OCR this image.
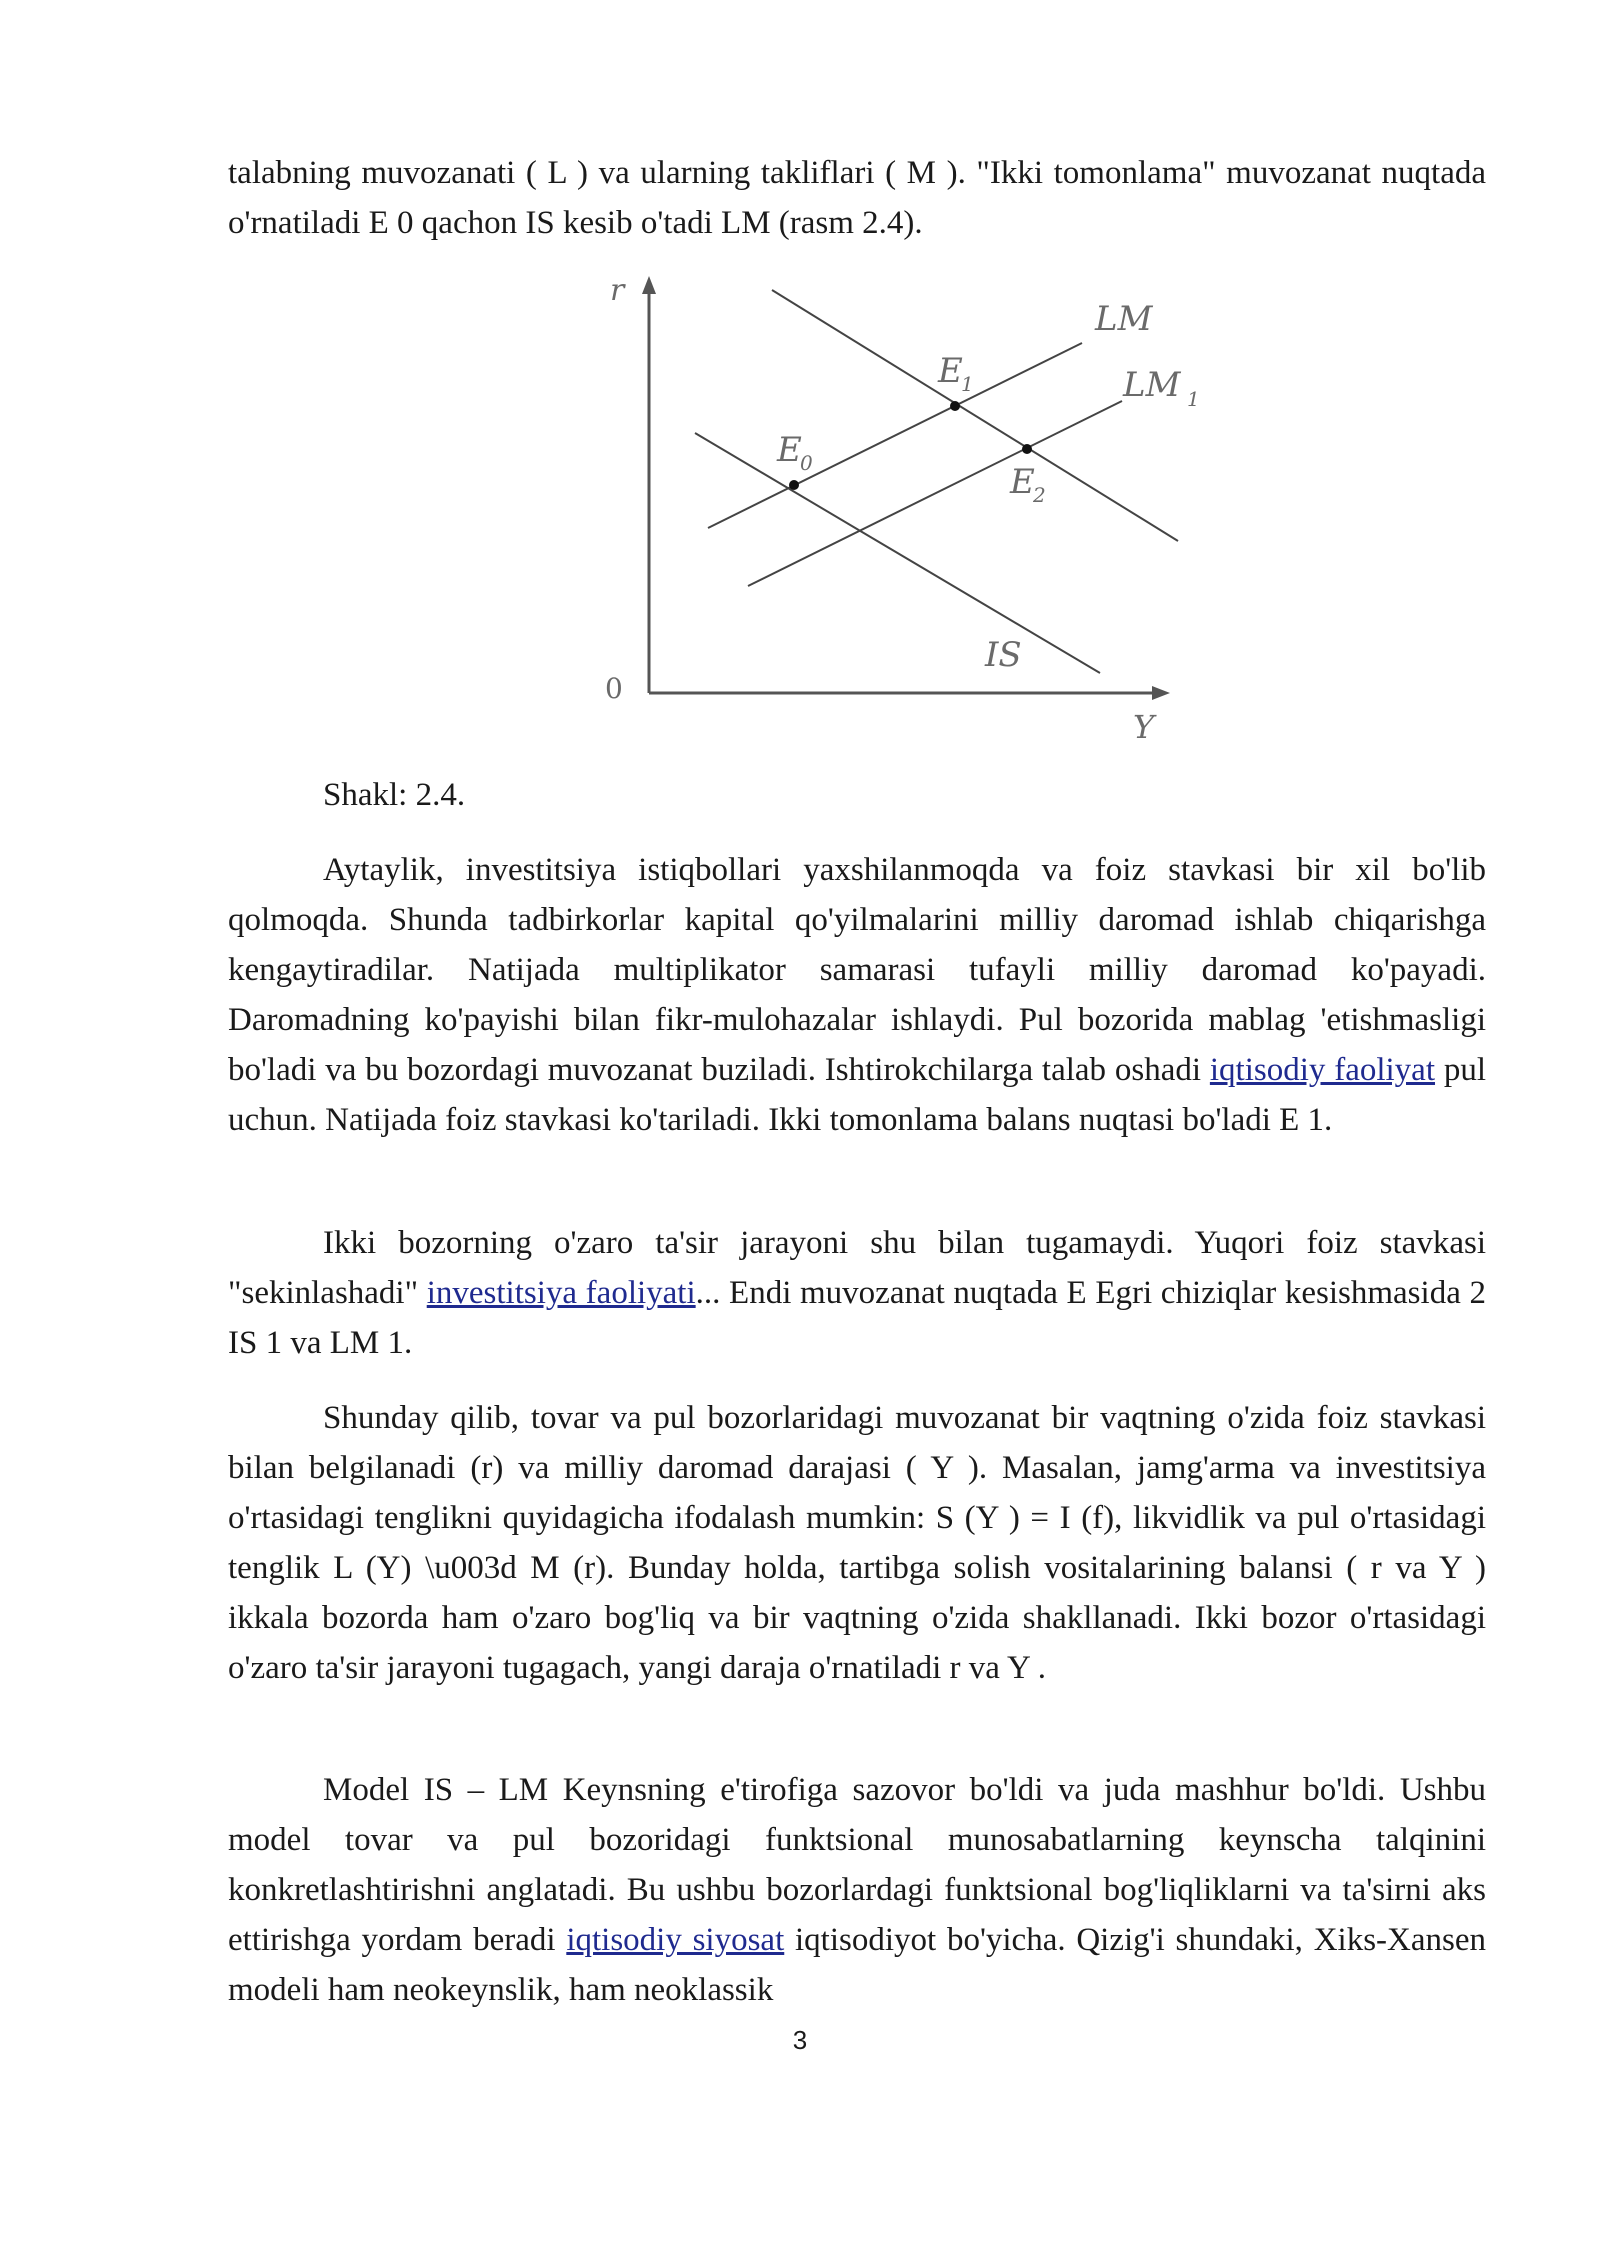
talabning muvozanati ( L ) va ularning takliflari ( M ). "Ikki tomonlama" muvozanat nuqtada o'rnatiladi E 0 qachon IS kesib o'tadi LM (rasm 2.4).

r
0
Y
LM
LM 1
IS
E
0
E
1
E
2
Shakl: 2.4.

Aytaylik, investitsiya istiqbollari yaxshilanmoqda va foiz stavkasi bir xil bo'lib qolmoqda. Shunda tadbirkorlar kapital qo'yilmalarini milliy daromad ishlab chiqarishga kengaytiradilar. Natijada multiplikator samarasi tufayli milliy daromad ko'payadi. Daromadning ko'payishi bilan fikr-mulohazalar ishlaydi. Pul bozorida mablag 'etishmasligi bo'ladi va bu bozordagi muvozanat buziladi. Ishtirokchilarga talab oshadi iqtisodiy faoliyat pul uchun. Natijada foiz stavkasi ko'tariladi. Ikki tomonlama balans nuqtasi bo'ladi E 1.

Ikki bozorning o'zaro ta'sir jarayoni shu bilan tugamaydi. Yuqori foiz stavkasi "sekinlashadi" investitsiya faoliyati... Endi muvozanat nuqtada E Egri chiziqlar kesishmasida 2 IS 1 va LM 1.

Shunday qilib, tovar va pul bozorlaridagi muvozanat bir vaqtning o'zida foiz stavkasi bilan belgilanadi (r) va milliy daromad darajasi ( Y ). Masalan, jamg'arma va investitsiya o'rtasidagi tenglikni quyidagicha ifodalash mumkin: S (Y ) = I (f), likvidlik va pul o'rtasidagi tenglik L (Y) \u003d M (r). Bunday holda, tartibga solish vositalarining balansi ( r va Y ) ikkala bozorda ham o'zaro bog'liq va bir vaqtning o'zida shakllanadi. Ikki bozor o'rtasidagi o'zaro ta'sir jarayoni tugagach, yangi daraja o'rnatiladi r va Y .

Model IS – LM Keynsning e'tirofiga sazovor bo'ldi va juda mashhur bo'ldi. Ushbu model tovar va pul bozoridagi funktsional munosabatlarning keynscha talqinini konkretlashtirishni anglatadi. Bu ushbu bozorlardagi funktsional bog'liqliklarni va ta'sirni aks ettirishga yordam beradi iqtisodiy siyosat iqtisodiyot bo'yicha. Qizig'i shundaki, Xiks-Xansen modeli ham neokeynslik, ham neoklassik

3
